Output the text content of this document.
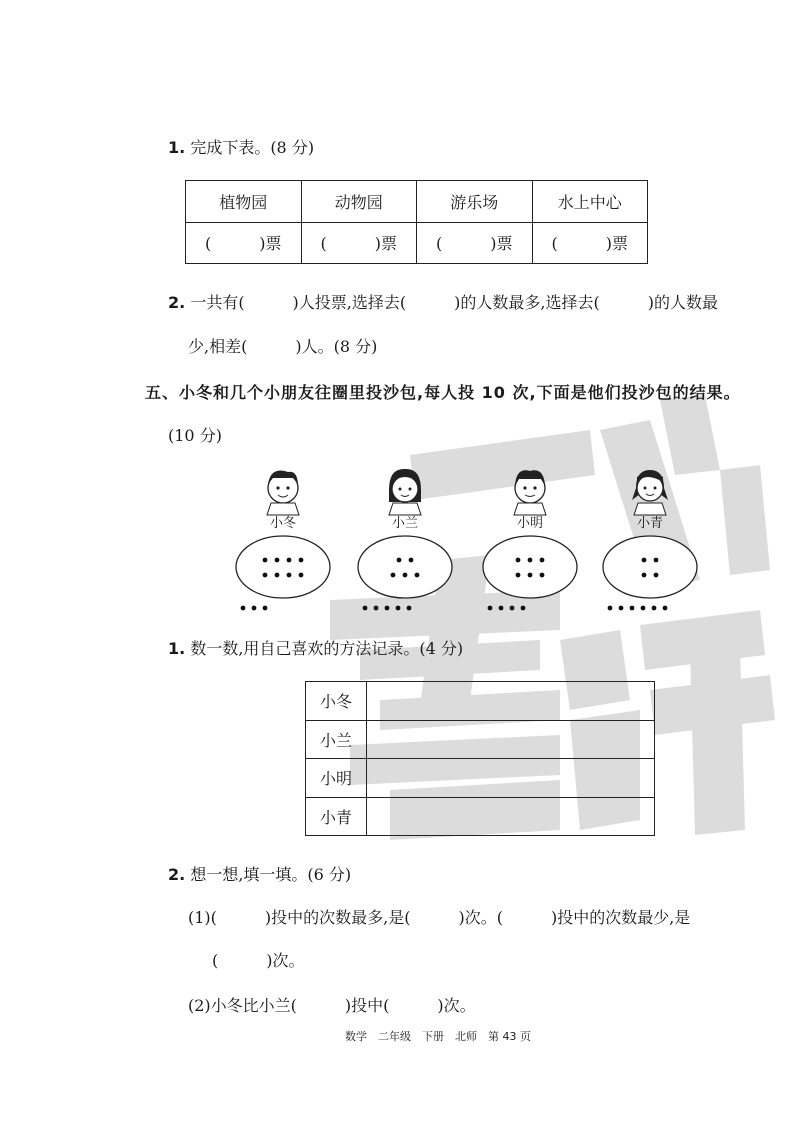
1. 完成下表。(8 分)
植物园	动物园	游乐场	水上中心
(　　　)票	(　　　)票	(　　　)票	(　　　)票
2. 一共有(　　　)人投票,选择去(　　　)的人数最多,选择去(　　　)的人数最
少,相差(　　　)人。(8 分)
五、小冬和几个小朋友往圈里投沙包,每人投 10 次,下面是他们投沙包的结果。
(10 分)
小冬	小兰	小明	小青
1. 数一数,用自己喜欢的方法记录。(4 分)
小冬	
小兰	
小明	
小青	
2. 想一想,填一填。(6 分)
(1)(　　　)投中的次数最多,是(　　　)次。(　　　)投中的次数最少,是
(　　　)次。
(2)小冬比小兰(　　　)投中(　　　)次。
数学　二年级　下册　北师　第 43 页
